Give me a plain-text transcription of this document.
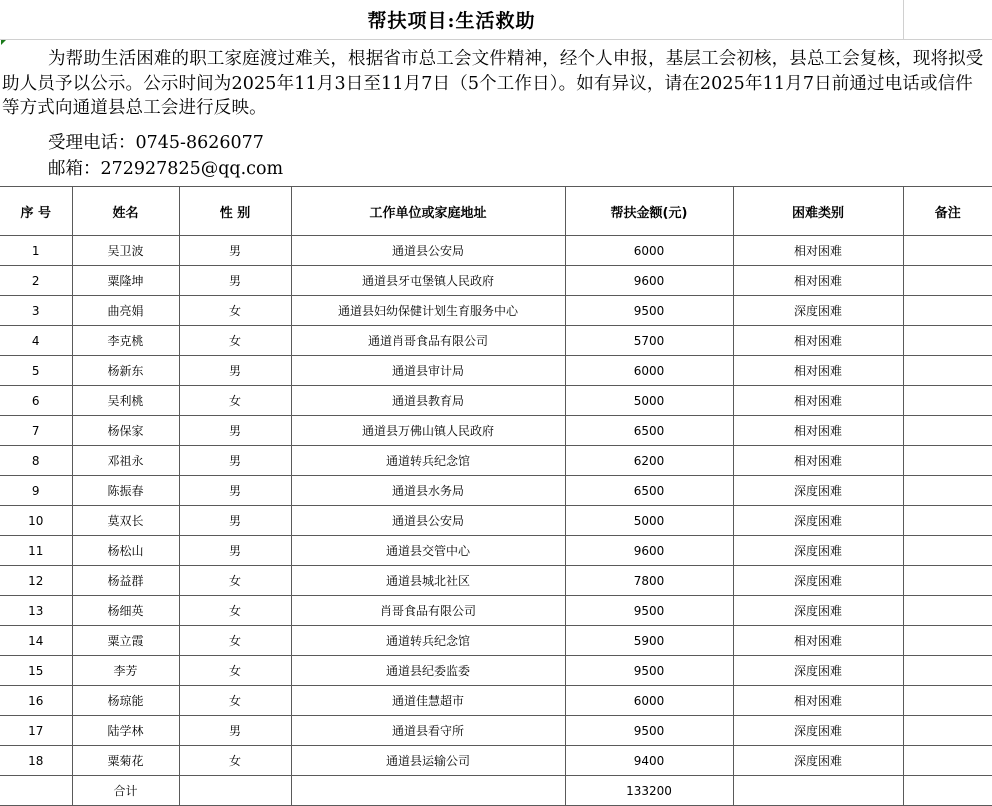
帮扶项目:生活救助

为帮助生活困难的职工家庭渡过难关，根据省市总工会文件精神，经个人申报，基层工会初核，县总工会复核，现将拟受助人员予以公示。公示时间为2025年11月3日至11月7日（5个工作日）。如有异议，请在2025年11月7日前通过电话或信件等方式向通道县总工会进行反映。

受理电话：0745-8626077

邮箱：272927825@qq.com

序 号	姓名	性 别	工作单位或家庭地址	帮扶金额(元)	困难类别	备注
1	吴卫波	男	通道县公安局	6000	相对困难	
2	粟隆坤	男	通道县牙屯堡镇人民政府	9600	相对困难	
3	曲亮娟	女	通道县妇幼保健计划生育服务中心	9500	深度困难	
4	李克桃	女	通道肖哥食品有限公司	5700	相对困难	
5	杨新东	男	通道县审计局	6000	相对困难	
6	吴利桃	女	通道县教育局	5000	相对困难	
7	杨保家	男	通道县万佛山镇人民政府	6500	相对困难	
8	邓祖永	男	通道转兵纪念馆	6200	相对困难	
9	陈振春	男	通道县水务局	6500	深度困难	
10	莫双长	男	通道县公安局	5000	深度困难	
11	杨松山	男	通道县交管中心	9600	深度困难	
12	杨益群	女	通道县城北社区	7800	深度困难	
13	杨细英	女	肖哥食品有限公司	9500	深度困难	
14	粟立霞	女	通道转兵纪念馆	5900	相对困难	
15	李芳	女	通道县纪委监委	9500	深度困难	
16	杨琼能	女	通道佳慧超市	6000	相对困难	
17	陆学林	男	通道县看守所	9500	深度困难	
18	粟菊花	女	通道县运输公司	9400	深度困难	
	合计			133200		
